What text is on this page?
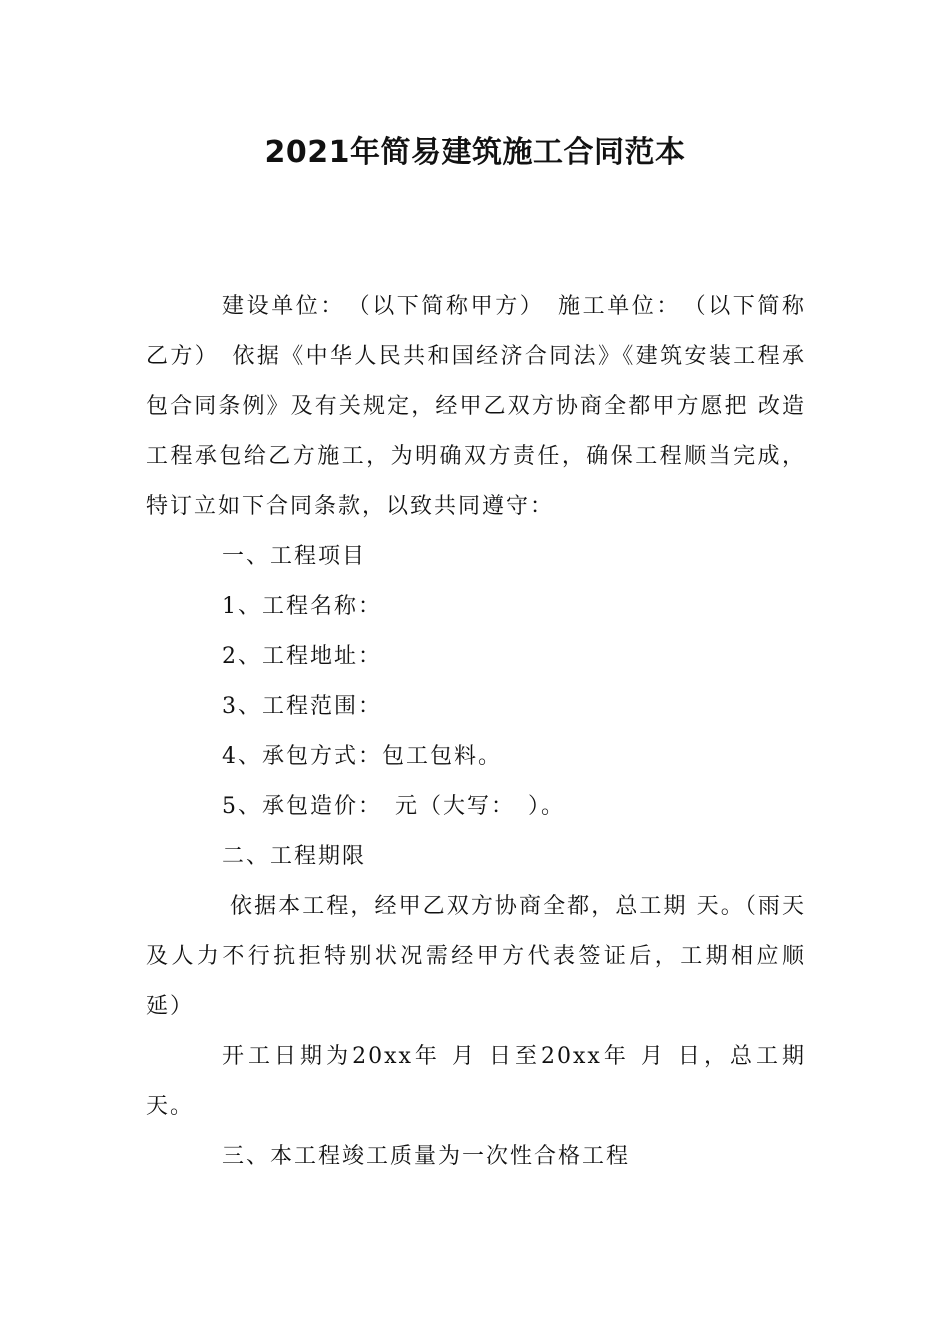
2021年简易建筑施工合同范本

建设单位：　（以下简称甲方）　施工单位：　（以下简称乙方）　依据《中华人民共和国经济合同法》《建筑安装工程承包合同条例》及有关规定，经甲乙双方协商全都甲方愿把 改造工程承包给乙方施工，为明确双方责任，确保工程顺当完成，特订立如下合同条款，以致共同遵守：

一、工程项目

1、工程名称：

2、工程地址：

3、工程范围：

4、承包方式：包工包料。

5、承包造价：　元（大写：　）。

二、工程期限

依据本工程，经甲乙双方协商全都，总工期 天。（雨天及人力不行抗拒特别状况需经甲方代表签证后，工期相应顺延）

开工日期为20xx年 月 日至20xx年 月 日，总工期天。

三、本工程竣工质量为一次性合格工程
